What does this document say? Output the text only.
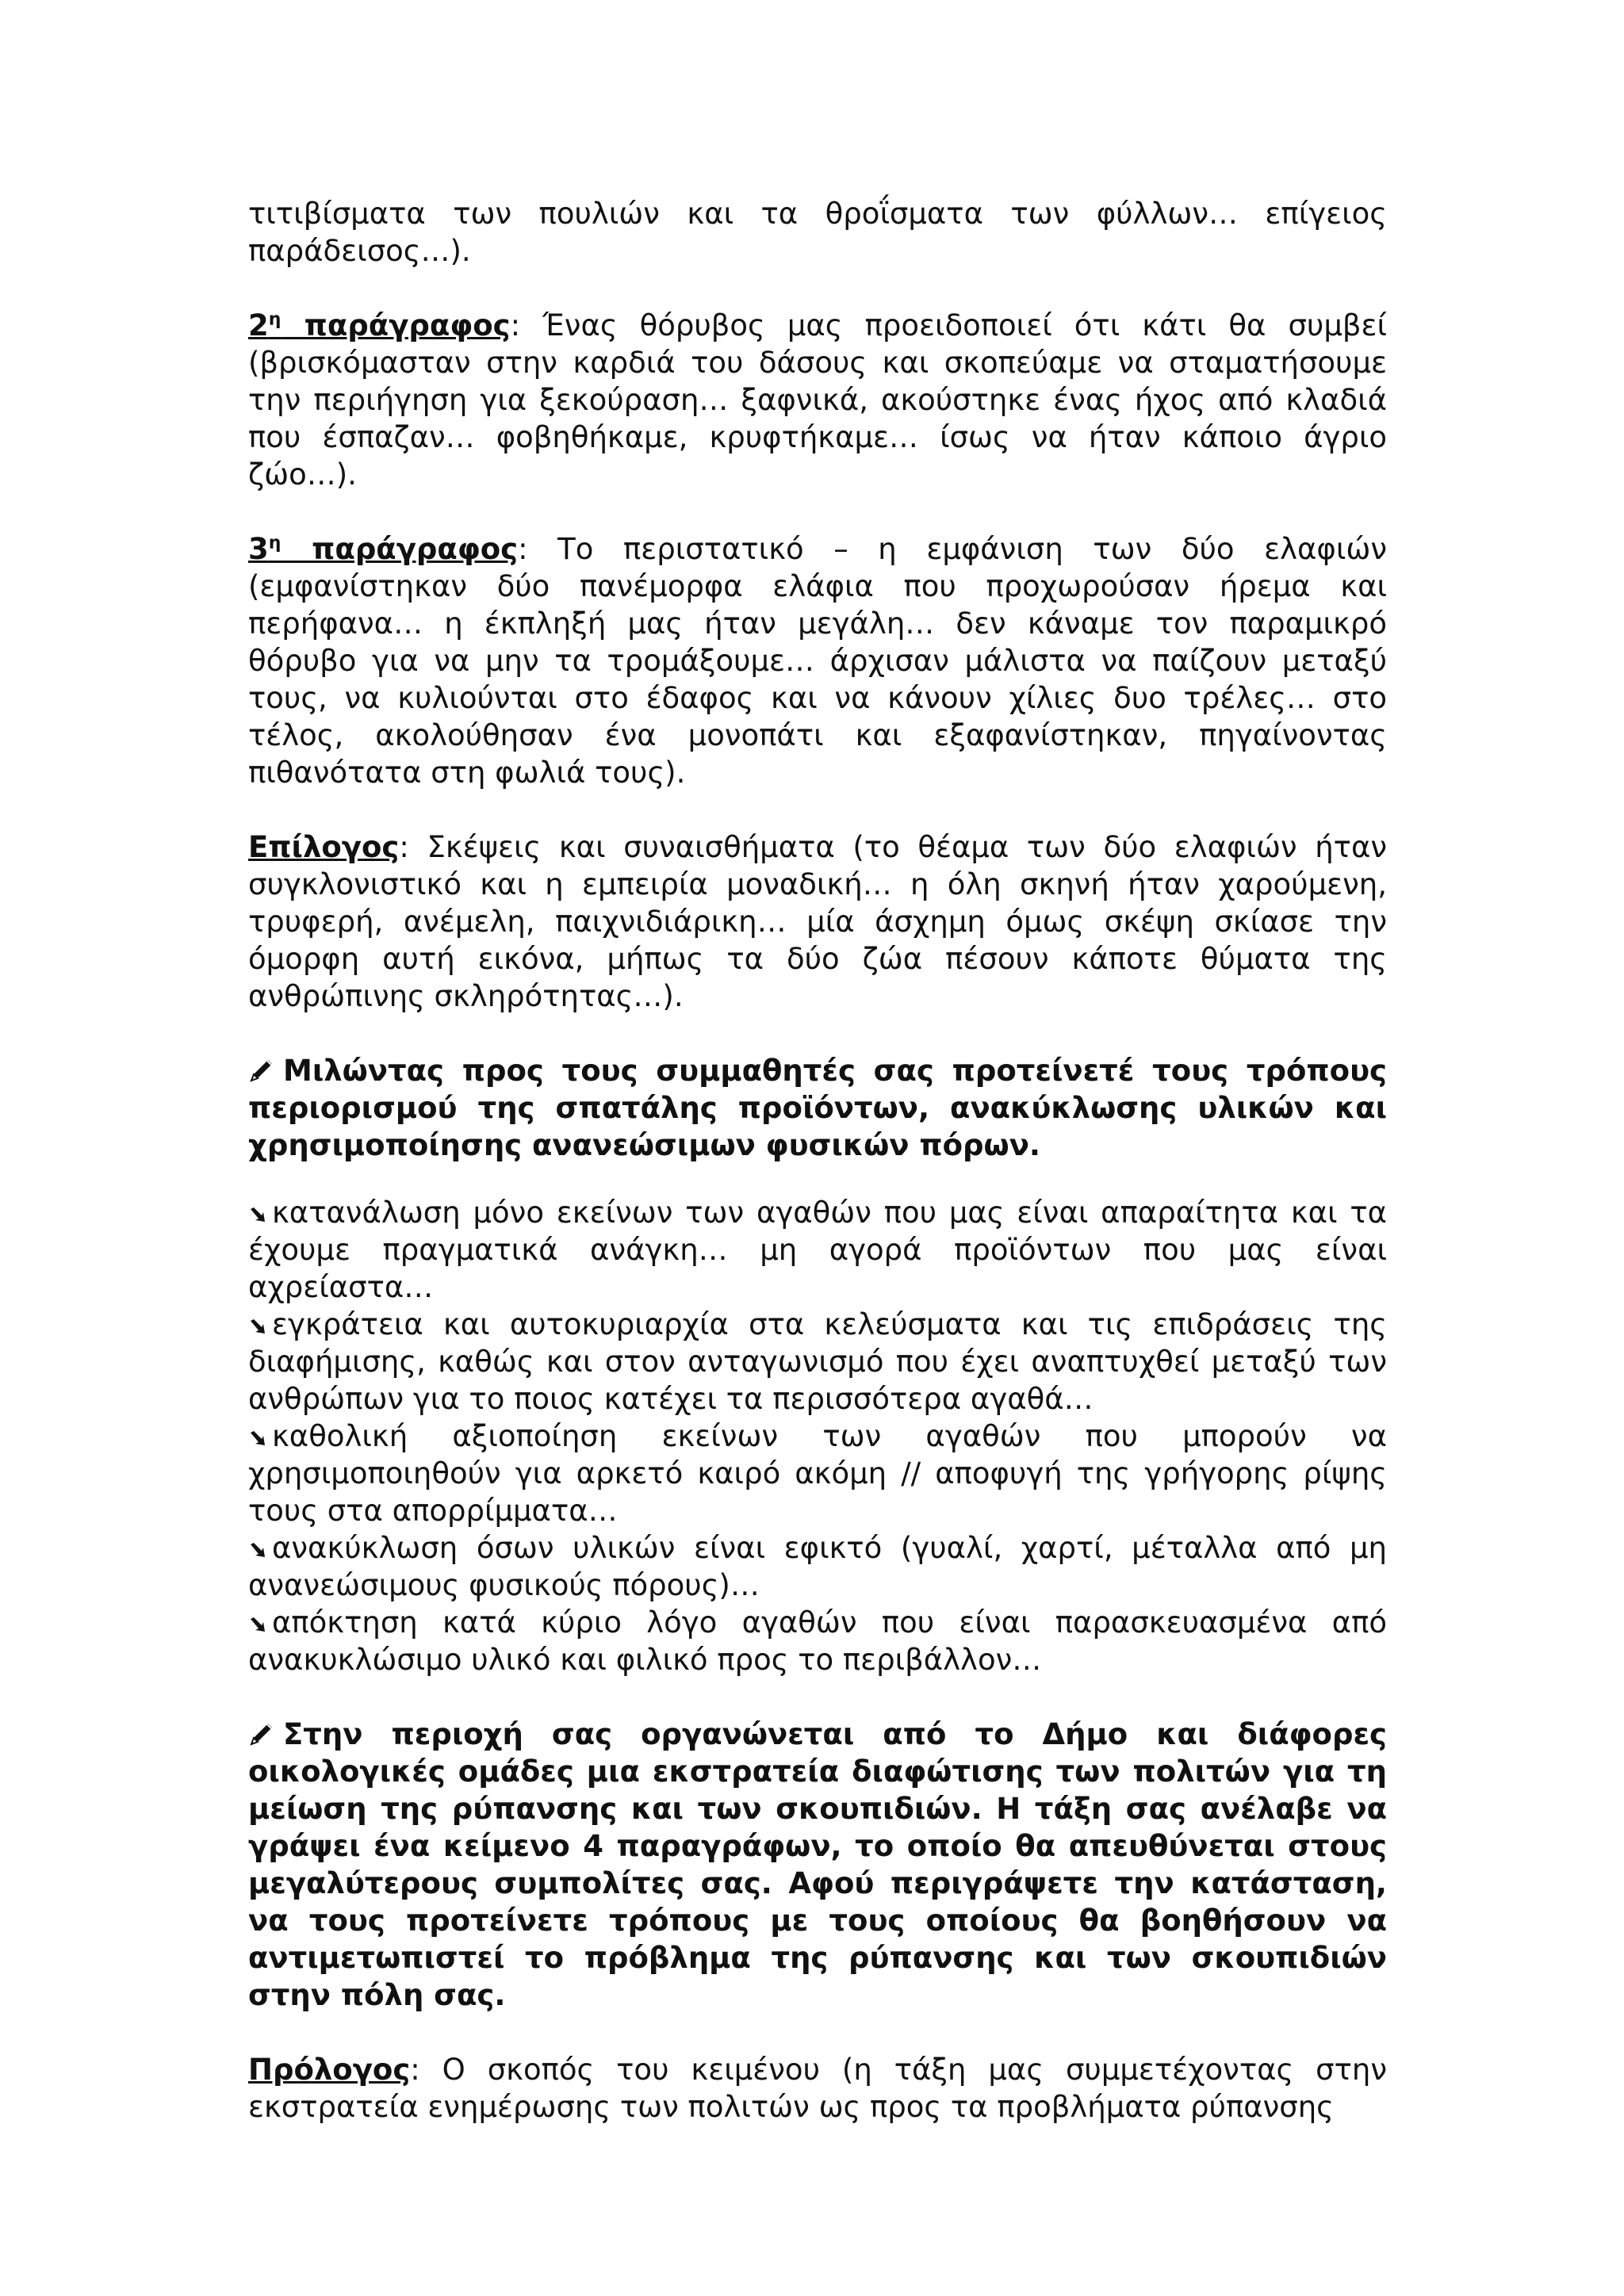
τιτιβίσματα των πουλιών και τα θροΐσματα των φύλλων… επίγειος παράδεισος…).

$2^\eta$ παράγραφος: Ένας θόρυβος μας προειδοποιεί ότι κάτι θα συμβεί (βρισκόμασταν στην καρδιά του δάσους και σκοπεύαμε να σταματήσουμε την περιήγηση για ξεκούραση… ξαφνικά, ακούστηκε ένας ήχος από κλαδιά που έσπαζαν… φοβηθήκαμε, κρυφτήκαμε… ίσως να ήταν κάποιο άγριο ζώο…).

$3^\eta$ παράγραφος: Το περιστατικό – η εμφάνιση των δύο ελαφιών (εμφανίστηκαν δύο πανέμορφα ελάφια που προχωρούσαν ήρεμα και περήφανα… η έκπληξή μας ήταν μεγάλη… δεν κάναμε τον παραμικρό θόρυβο για να μην τα τρομάξουμε… άρχισαν μάλιστα να παίζουν μεταξύ τους, να κυλιούνται στο έδαφος και να κάνουν χίλιες δυο τρέλες… στο τέλος, ακολούθησαν ένα μονοπάτι και εξαφανίστηκαν, πηγαίνοντας πιθανότατα στη φωλιά τους).

Επίλογος: Σκέψεις και συναισθήματα (το θέαμα των δύο ελαφιών ήταν συγκλονιστικό και η εμπειρία μοναδική… η όλη σκηνή ήταν χαρούμενη, τρυφερή, ανέμελη, παιχνιδιάρικη… μία άσχημη όμως σκέψη σκίασε την όμορφη αυτή εικόνα, μήπως τα δύο ζώα πέσουν κάποτε θύματα της ανθρώπινης σκληρότητας…).

Μιλώντας προς τους συμμαθητές σας προτείνετέ τους τρόπους περιορισμού της σπατάλης προϊόντων, ανακύκλωσης υλικών και χρησιμοποίησης ανανεώσιμων φυσικών πόρων.

κατανάλωση μόνο εκείνων των αγαθών που μας είναι απαραίτητα και τα έχουμε πραγματικά ανάγκη… μη αγορά προϊόντων που μας είναι αχρείαστα…

εγκράτεια και αυτοκυριαρχία στα κελεύσματα και τις επιδράσεις της διαφήμισης, καθώς και στον ανταγωνισμό που έχει αναπτυχθεί μεταξύ των ανθρώπων για το ποιος κατέχει τα περισσότερα αγαθά…

καθολική αξιοποίηση εκείνων των αγαθών που μπορούν να χρησιμοποιηθούν για αρκετό καιρό ακόμη // αποφυγή της γρήγορης ρίψης τους στα απορρίμματα…

ανακύκλωση όσων υλικών είναι εφικτό (γυαλί, χαρτί, μέταλλα από μη ανανεώσιμους φυσικούς πόρους)…

απόκτηση κατά κύριο λόγο αγαθών που είναι παρασκευασμένα από ανακυκλώσιμο υλικό και φιλικό προς το περιβάλλον…

Στην περιοχή σας οργανώνεται από το Δήμο και διάφορες οικολογικές ομάδες μια εκστρατεία διαφώτισης των πολιτών για τη μείωση της ρύπανσης και των σκουπιδιών. Η τάξη σας ανέλαβε να γράψει ένα κείμενο 4 παραγράφων, το οποίο θα απευθύνεται στους μεγαλύτερους συμπολίτες σας. Αφού περιγράψετε την κατάσταση, να τους προτείνετε τρόπους με τους οποίους θα βοηθήσουν να αντιμετωπιστεί το πρόβλημα της ρύπανσης και των σκουπιδιών στην πόλη σας.

Πρόλογος: Ο σκοπός του κειμένου (η τάξη μας συμμετέχοντας στην εκστρατεία ενημέρωσης των πολιτών ως προς τα προβλήματα ρύπανσης
